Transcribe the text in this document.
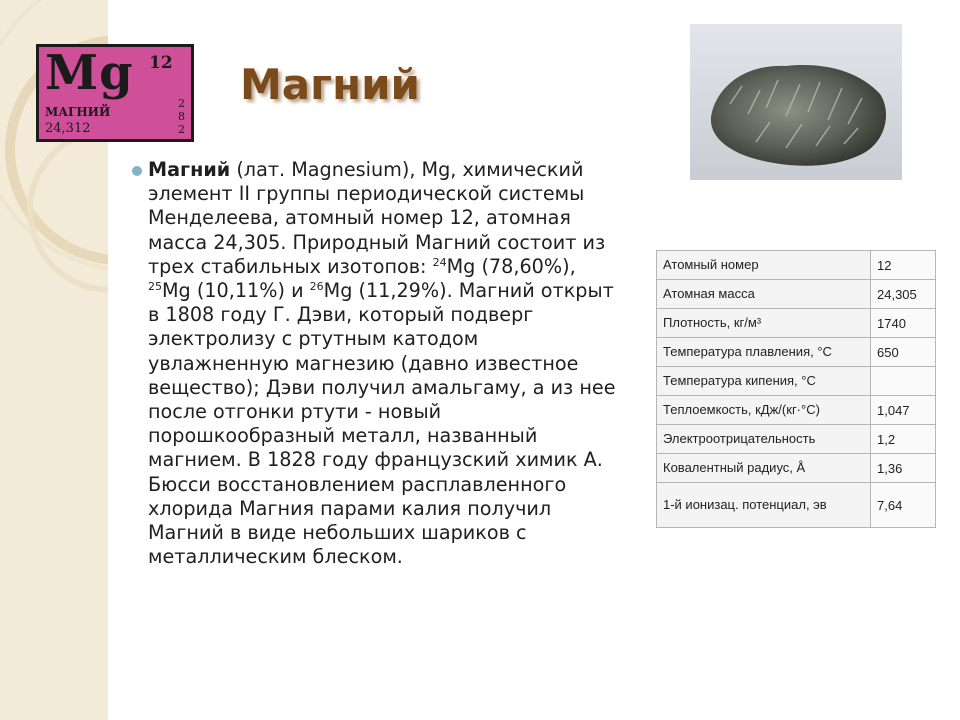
Mg 12
МАГНИЙ
24,312
2
8
2
Магний
Магний (лат. Magnesium), Mg, химический элемент II группы периодической системы Менделеева, атомный номер 12, атомная масса 24,305. Природный Магний состоит из трех стабильных изотопов: $^{24}$Mg (78,60%), $^{25}$Mg (10,11%) и $^{26}$Mg (11,29%). Магний открыт в 1808 году Г. Дэви, который подверг электролизу с ртутным катодом увлажненную магнезию (давно известное вещество); Дэви получил амальгаму, а из нее после отгонки ртути - новый порошкообразный металл, названный магнием. В 1828 году французский химик А. Бюсси восстановлением расплавленного хлорида Магния парами калия получил Магний в виде небольших шариков с металлическим блеском.
Атомный номер	12

Атомная масса	24,305

Плотность, кг/м³	1740

Температура плавления, °С	650

Температура кипения, °С	

Теплоемкость, кДж/(кг·°С)	1,047

Электроотрицательность	1,2

Ковалентный радиус, Å	1,36

1-й ионизац. потенциал, эв	7,64
